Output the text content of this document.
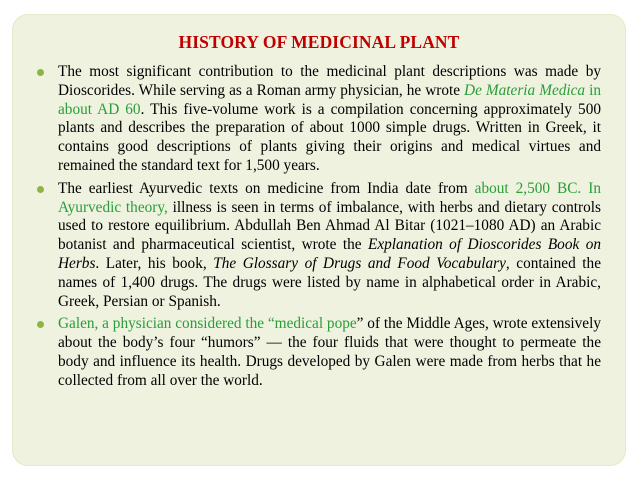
HISTORY OF MEDICINAL PLANT
The most significant contribution to the medicinal plant descriptions was made by Dioscorides. While serving as a Roman army physician, he wrote De Materia Medica in about AD 60. This five-volume work is a compilation concerning approximately 500 plants and describes the preparation of about 1000 simple drugs. Written in Greek, it contains good descriptions of plants giving their origins and medical virtues and remained the standard text for 1,500 years.
The earliest Ayurvedic texts on medicine from India date from about 2,500 BC. In Ayurvedic theory, illness is seen in terms of imbalance, with herbs and dietary controls used to restore equilibrium. Abdullah Ben Ahmad Al Bitar (1021–1080 AD) an Arabic botanist and pharmaceutical scientist, wrote the Explanation of Dioscorides Book on Herbs. Later, his book, The Glossary of Drugs and Food Vocabulary, contained the names of 1,400 drugs. The drugs were listed by name in alphabetical order in Arabic, Greek, Persian or Spanish.
Galen, a physician considered the “medical pope” of the Middle Ages, wrote extensively about the body’s four “humors” — the four fluids that were thought to permeate the body and influence its health. Drugs developed by Galen were made from herbs that he collected from all over the world.
